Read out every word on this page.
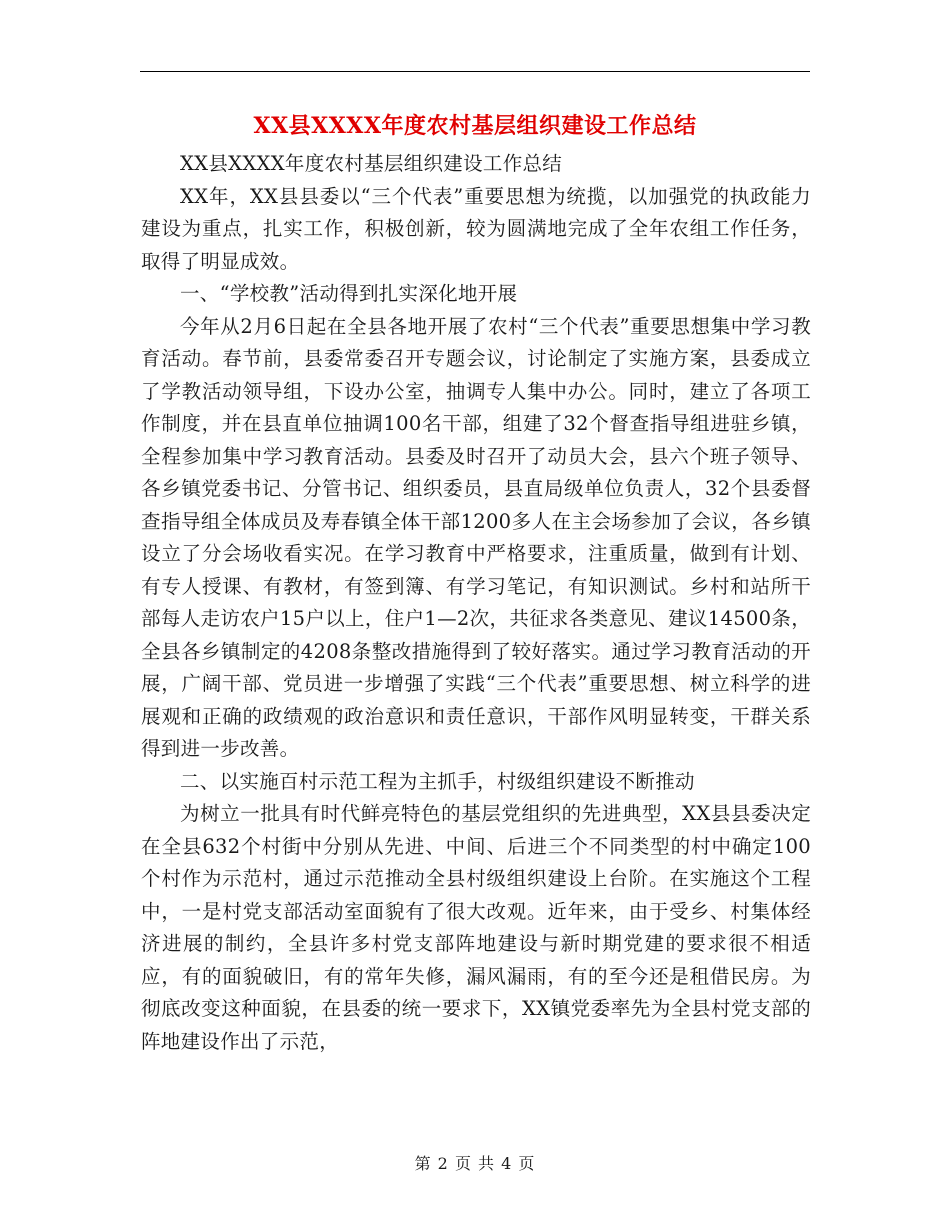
XX县XXXX年度农村基层组织建设工作总结

XX县XXXX年度农村基层组织建设工作总结

XX年，XX县县委以“三个代表”重要思想为统揽，以加强党的执政能力建设为重点，扎实工作，积极创新，较为圆满地完成了全年农组工作任务，取得了明显成效。

一、“学校教”活动得到扎实深化地开展

今年从2月6日起在全县各地开展了农村“三个代表”重要思想集中学习教育活动。春节前，县委常委召开专题会议，讨论制定了实施方案，县委成立了学教活动领导组，下设办公室，抽调专人集中办公。同时，建立了各项工作制度，并在县直单位抽调100名干部，组建了32个督查指导组进驻乡镇，全程参加集中学习教育活动。县委及时召开了动员大会，县六个班子领导、各乡镇党委书记、分管书记、组织委员，县直局级单位负责人，32个县委督查指导组全体成员及寿春镇全体干部1200多人在主会场参加了会议，各乡镇设立了分会场收看实况。在学习教育中严格要求，注重质量，做到有计划、有专人授课、有教材，有签到簿、有学习笔记，有知识测试。乡村和站所干部每人走访农户15户以上，住户1—2次，共征求各类意见、建议14500条，全县各乡镇制定的4208条整改措施得到了较好落实。通过学习教育活动的开展，广阔干部、党员进一步增强了实践“三个代表”重要思想、树立科学的进展观和正确的政绩观的政治意识和责任意识，干部作风明显转变，干群关系得到进一步改善。

二、以实施百村示范工程为主抓手，村级组织建设不断推动

为树立一批具有时代鲜亮特色的基层党组织的先进典型，XX县县委决定在全县632个村街中分别从先进、中间、后进三个不同类型的村中确定100个村作为示范村，通过示范推动全县村级组织建设上台阶。在实施这个工程中，一是村党支部活动室面貌有了很大改观。近年来，由于受乡、村集体经济进展的制约，全县许多村党支部阵地建设与新时期党建的要求很不相适应，有的面貌破旧，有的常年失修，漏风漏雨，有的至今还是租借民房。为彻底改变这种面貌，在县委的统一要求下，XX镇党委率先为全县村党支部的阵地建设作出了示范，

第 2 页 共 4 页
